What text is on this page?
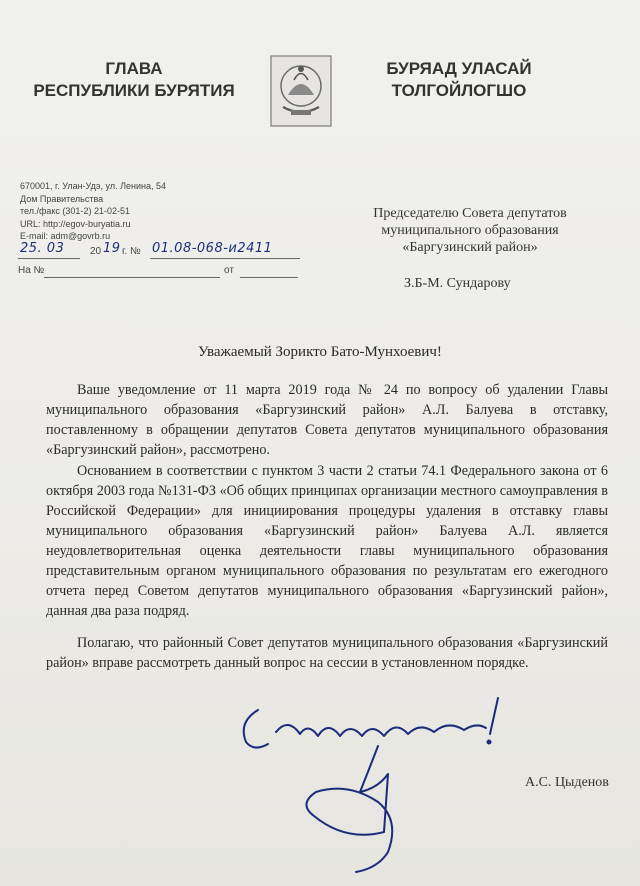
ГЛАВА
РЕСПУБЛИКИ БУРЯТИЯ
БУРЯАД УЛАСАЙ
ТОЛГОЙЛОГШО
670001, г. Улан-Удэ, ул. Ленина, 54
Дом Правительства
тел./факс (301-2) 21-02-51
URL: http://egov-buryatia.ru
E-mail: adm@govrb.ru
25. 03	20 19 г. № 01.08-068-и2411
На №	от
Председателю Совета депутатов
муниципального образования
«Баргузинский район»
З.Б-М. Сундарову
Уважаемый Зорикто Бато-Мунхоевич!
Ваше уведомление от 11 марта 2019 года № 24 по вопросу об удалении Главы муниципального образования «Баргузинский район» А.Л. Балуева в отставку, поставленному в обращении депутатов Совета депутатов муниципального образования «Баргузинский район», рассмотрено.
Основанием в соответствии с пунктом 3 части 2 статьи 74.1 Федерального закона от 6 октября 2003 года №131-ФЗ «Об общих принципах организации местного самоуправления в Российской Федерации» для инициирования процедуры удаления в отставку главы муниципального образования «Баргузинский район» Балуева А.Л. является неудовлетворительная оценка деятельности главы муниципального образования представительным органом муниципального образования по результатам его ежегодного отчета перед Советом депутатов муниципального образования «Баргузинский район», данная два раза подряд.
Полагаю, что районный Совет депутатов муниципального образования «Баргузинский район» вправе рассмотреть данный вопрос на сессии в установленном порядке.
А.С. Цыденов
